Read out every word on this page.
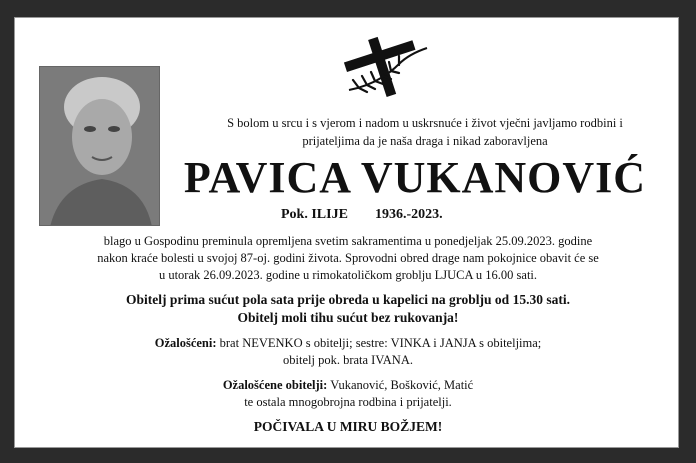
S bolom u srcu i s vjerom i nadom u uskrsnuće i život vječni javljamo rodbini i
prijateljima da je naša draga i nikad zaboravljena
PAVICA VUKANOVIĆ
Pok. ILIJE 1936.-2023.
blago u Gospodinu preminula opremljena svetim sakramentima u ponedjeljak 25.09.2023. godine
nakon kraće bolesti u svojoj 87-oj. godini života. Sprovodni obred drage nam pokojnice obavit će se
u utorak 26.09.2023. godine u rimokatoličkom groblju LJUCA u 16.00 sati.
Obitelj prima sućut pola sata prije obreda u kapelici na groblju od 15.30 sati.
Obitelj moli tihu sućut bez rukovanja!
Ožalošćeni: brat NEVENKO s obitelji; sestre: VINKA i JANJA s obiteljima;
obitelj pok. brata IVANA.
Ožalošćene obitelji: Vukanović, Bošković, Matić
te ostala mnogobrojna rodbina i prijatelji.
POČIVALA U MIRU BOŽJEM!
